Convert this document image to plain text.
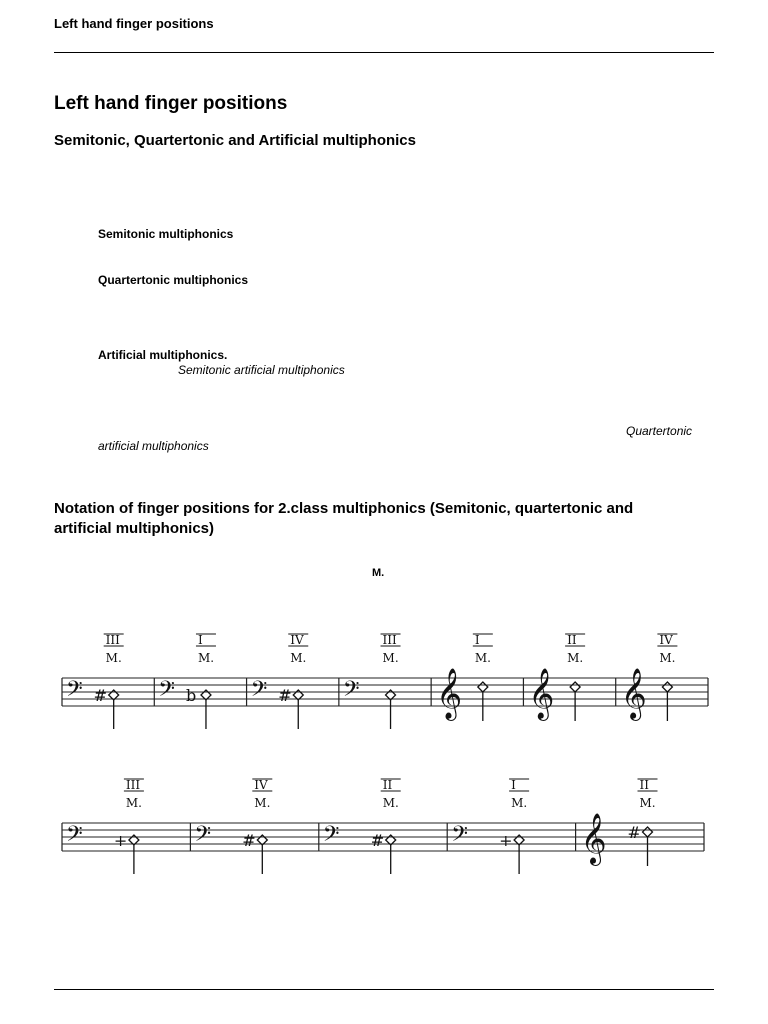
Left hand finger positions
Left hand finger positions
Semitonic, Quartertonic and Artificial multiphonics
Semitonic multiphonics
Quartertonic multiphonics
Artificial multiphonics.
Semitonic artificial multiphonics
Quartertonic
artificial multiphonics
Notation of finger positions for 2.class multiphonics (Semitonic, quartertonic and artificial multiphonics)
M.
𝄢 #
III
M.
𝄢 b
I
M.
𝄢 #
IV
M.
𝄢
III
M.
𝄞
I
M.
𝄞
II
M.
𝄞
IV
M.
𝄢 +
III
M.
𝄢 #
IV
M.
𝄢 #
II
M.
𝄢 +
I
M.
𝄞 #
II
M.
